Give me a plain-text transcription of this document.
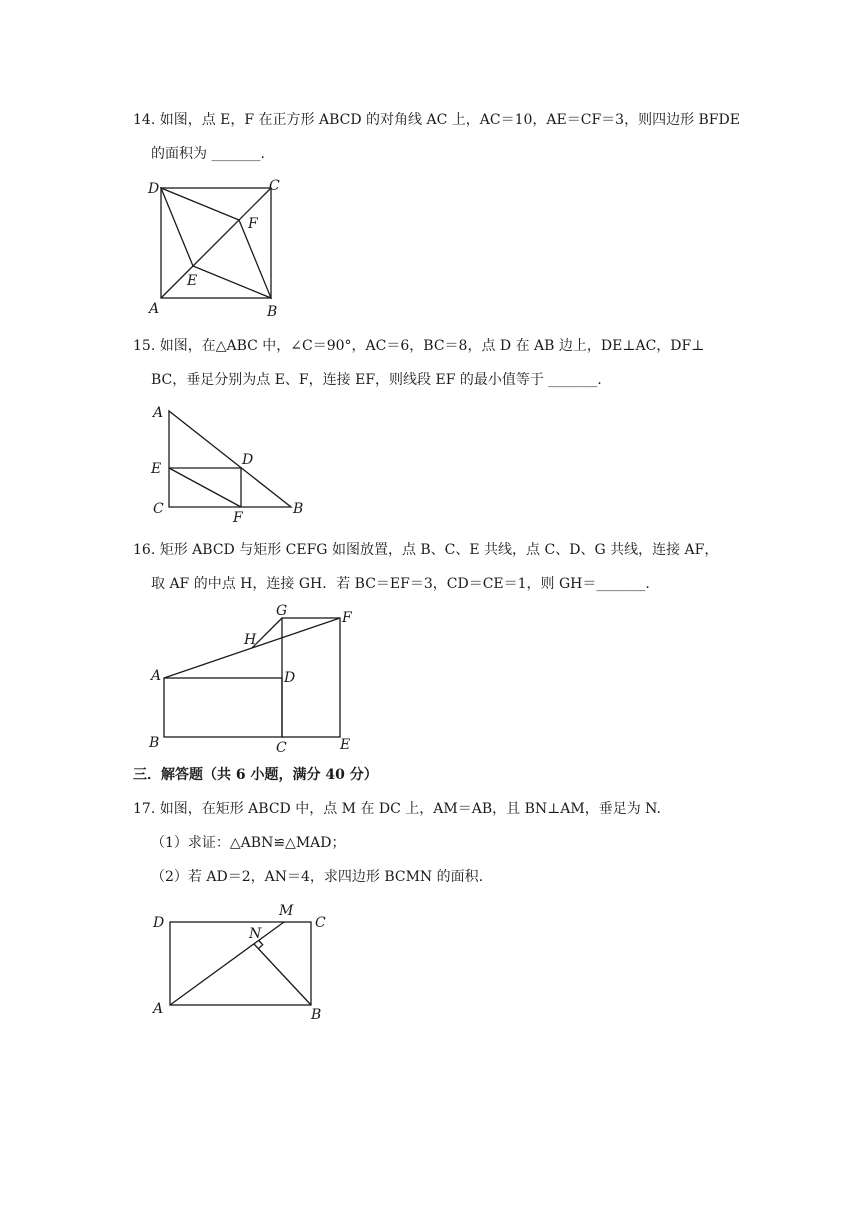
14. 如图，点 E，F 在正方形 ABCD 的对角线 AC 上，AC＝10，AE＝CF＝3，则四边形 BFDE
的面积为 _______.
D	C
F
E
A	B
15. 如图，在△ABC 中，∠C＝90°，AC＝6，BC＝8，点 D 在 AB 边上，DE⊥AC，DF⊥
BC，垂足分别为点 E、F，连接 EF，则线段 EF 的最小值等于 _______.
A
D
E
C
F
B
16. 矩形 ABCD 与矩形 CEFG 如图放置，点 B、C、E 共线，点 C、D、G 共线，连接 AF，
取 AF 的中点 H，连接 GH．若 BC＝EF＝3，CD＝CE＝1，则 GH＝_______.
G	F
H
A	D
B	C	E
三．解答题（共 6 小题，满分 40 分）
17. 如图，在矩形 ABCD 中，点 M 在 DC 上，AM＝AB，且 BN⊥AM，垂足为 N.
（1）求证：△ABN≌△MAD；
（2）若 AD＝2，AN＝4，求四边形 BCMN 的面积.
D
M
C
N
A	B
